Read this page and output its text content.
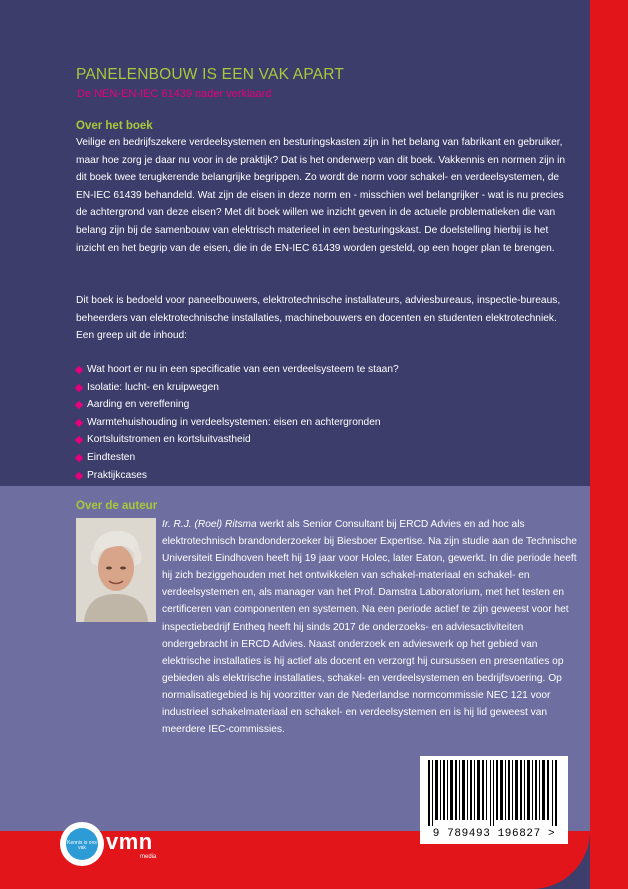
PANELENBOUW IS EEN VAK APART
De NEN-EN-IEC 61439 nader verklaard
Over het boek

Veilige en bedrijfszekere verdeelsystemen en besturingskasten zijn in het belang van fabrikant en gebruiker, maar hoe zorg je daar nu voor in de praktijk? Dat is het onderwerp van dit boek. Vakkennis en normen zijn in dit boek twee terugkerende belangrijke begrippen. Zo wordt de norm voor schakel- en verdeelsystemen, de EN-IEC 61439 behandeld. Wat zijn de eisen in deze norm en - misschien wel belangrijker - wat is nu precies de achtergrond van deze eisen? Met dit boek willen we inzicht geven in de actuele problematieken die van belang zijn bij de samenbouw van elektrisch materieel in een besturingskast. De doelstelling hierbij is het inzicht en het begrip van de eisen, die in de EN-IEC 61439 worden gesteld, op een hoger plan te brengen.

Dit boek is bedoeld voor paneelbouwers, elektrotechnische installateurs, adviesbureaus, inspectie-bureaus, beheerders van elektrotechnische installaties, machinebouwers en docenten en studenten elektrotechniek.
Een greep uit de inhoud:

Wat hoort er nu in een specificatie van een verdeelsysteem te staan?
Isolatie: lucht- en kruipwegen
Aarding en vereffening
Warmtehuishouding in verdeelsystemen: eisen en achtergronden
Kortsluitstromen en kortsluitvastheid
Eindtesten
Praktijkcases
Over de auteur

Ir. R.J. (Roel) Ritsma werkt als Senior Consultant bij ERCD Advies en ad hoc als elektrotechnisch brandonderzoeker bij Biesboer Expertise. Na zijn studie aan de Technische Universiteit Eindhoven heeft hij 19 jaar voor Holec, later Eaton, gewerkt. In die periode heeft hij zich beziggehouden met het ontwikkelen van schakel-materiaal en schakel- en verdeelsystemen en, als manager van het Prof. Damstra Laboratorium, met het testen en certificeren van componenten en systemen. Na een periode actief te zijn geweest voor het inspectiebedrijf Entheq heeft hij sinds 2017 de onderzoeks- en adviesactiviteiten ondergebracht in ERCD Advies. Naast onderzoek en advieswerk op het gebied van elektrische installaties is hij actief als docent en verzorgt hij cursussen en presentaties op gebieden als elektrische installaties, schakel- en verdeelsystemen en bedrijfsvoering. Op normalisatiegebied is hij voorzitter van de Nederlandse normcommissie NEC 121 voor industrieel schakelmateriaal en schakel- en verdeelsystemen en is hij lid geweest van meerdere IEC-commissies.

9 789493 196827 >
Kennis is ons vak vmn
media
